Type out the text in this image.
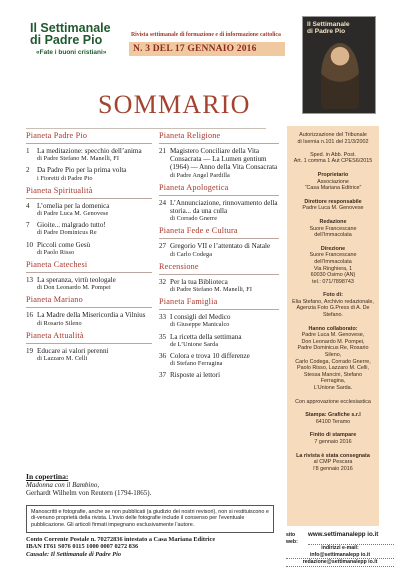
Il Settimanale
di Padre Pio
«Fate i buoni cristiani»
Rivista settimanale di formazione e di informazione cattolica
N. 3 DEL 17 GENNAIO 2016
Il Settimanale
di Padre Pio
SOMMARIO
Pianeta Padre Pio
1	La meditazione: specchio dell’anima
di Padre Stefano M. Manelli, FI
2	Da Padre Pio per la prima volta
i Fioretti di Padre Pio
Pianeta Spiritualità
4	L’omelia per la domenica
di Padre Luca M. Genovese
7	Gioite... malgrado tutto!
di Padre Dominicus Re
10 Piccoli come Gesù
di Paolo Risso
Pianeta Catechesi
13 La speranza, virtù teologale
di Don Leonardo M. Pompei
Pianeta Mariano
16 La Madre della Misericordia a Vilnius
di Rosario Sileno
Pianeta Attualità
19 Educare ai valori perenni
di Lazzaro M. Celli
Pianeta Religione
21 Magistero Conciliare della Vita Consacrata — La Lumen gentium (1964) — Anno della Vita Consacrata
di Padre Angel Pardilla
Pianeta Apologetica
24 L’Annunciazione, rinnovamento della storia... da una culla
di Corrado Gnerre
Pianeta Fede e Cultura
27 Gregorio VII e l’attentato di Natale
di Carlo Codega
Recensione
32 Per la tua Biblioteca
di Padre Stefano M. Manelli, FI
Pianeta Famiglia
33 I consigli del Medico
di Giuseppe Manicalco
35 La ricetta della settimana
de L’Unione Sarda
36 Colora e trova 10 differenze
di Stefano Ferragina
37 Risposte ai lettori
Autorizzazione del Tribunale
di Isernia n.101 del 21/3/2002

Sped. in Abb. Post.
Art. 1 comma 1 Aut CPES6/2015
Proprietario
Associazione
“Casa Mariana Editrice”
Direttore responsabile
Padre Luca M. Genovese
Redazione
Suore Francescane dell’Immacolata
Direzione
Suore Francescane dell’Immacolata
Via Ringhiera, 1
60030 Osimo (AN)
tel.: 071/7898743
Foto di:
Elia Stefano, Archivio redazionale,
Agenzia Foto G.Press di A. De Stefano.
Hanno collaborato:
Padre Luca M. Genovese,
Don Leonardo M. Pompei,
Padre Dominicus Re, Rosario Sileno,
Carlo Codega, Corrado Gnerre,
Paolo Risso, Lazzaro M. Celli,
Stessa Mancini, Stefano Ferragina,
L’Unione Sarda.
Con approvazione ecclesiastica
Stampa: Grafiche s.r.l
64100 Teramo
Finito di stampare
7 gennaio 2016
La rivista è stata consegnata
al CMP Pescara
l’8 gennaio 2016
In copertina:
Madonna con il Bambino,
Gerhardt Wilhelm von Reutern (1794-1865).
Manoscritti e fotografie, anche se non pubblicati (a giudizio dei nostri revisori), non si restituiscono e di-venuno proprietà della rivista. L’invio delle fotografie include il consenso per l’eventuale pubblicazione. Gli articoli firmati impegnano esclusivamente l’autore.
Conto Corrente Postale n. 70272836 intestato a Casa Mariana Editrice
IBAN IT61 S076 0115 1000 0007 0272 836
Causale: Il Settimanale di Padre Pio
sito web:
www.settimanalepp io.it
indirizzi e-mail:
info@settimanalepp io.it
redazione@settimanalepp io.it
